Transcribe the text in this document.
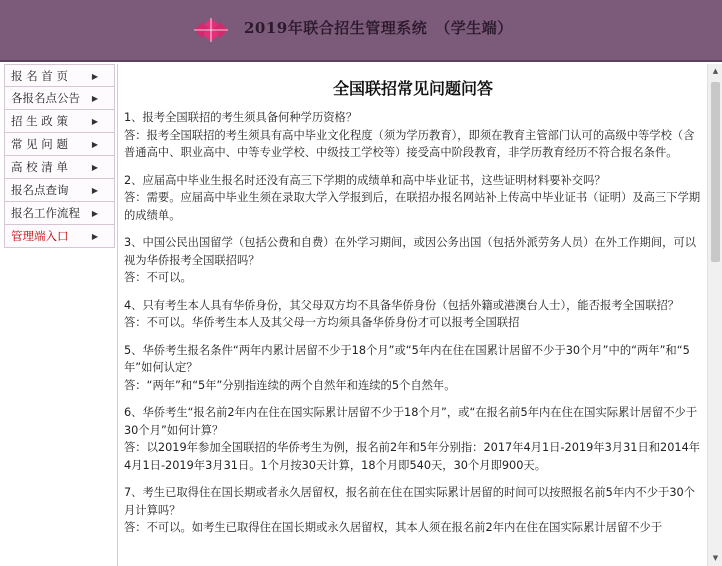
2019年联合招生管理系统　（学生端）
报 名 首 页	▶
各报名点公告 ▶
招 生 政 策	▶
常 见 问 题	▶
高 校 清 单	▶
报名点查询	▶
报名工作流程 ▶
管理端入口	▶
全国联招常见问题问答

1、报考全国联招的考生须具备何种学历资格？

答：报考全国联招的考生须具有高中毕业文化程度（须为学历教育），即须在教育主管部门认可的高级中等学校（含普通高中、职业高中、中等专业学校、中级技工学校等）接受高中阶段教育，非学历教育经历不符合报名条件。

2、应届高中毕业生报名时还没有高三下学期的成绩单和高中毕业证书，这些证明材料要补交吗？

答：需要。应届高中毕业生须在录取大学入学报到后，在联招办报名网站补上传高中毕业证书（证明）及高三下学期的成绩单。

3、中国公民出国留学（包括公费和自费）在外学习期间，或因公务出国（包括外派劳务人员）在外工作期间，可以视为华侨报考全国联招吗？

答：不可以。

4、只有考生本人具有华侨身份，其父母双方均不具备华侨身份（包括外籍或港澳台人士），能否报考全国联招？

答：不可以。华侨考生本人及其父母一方均须具备华侨身份才可以报考全国联招

5、华侨考生报名条件“两年内累计居留不少于18个月”或“5年内在住在国累计居留不少于30个月”中的“两年”和“5年”如何认定？

答：“两年”和“5年”分别指连续的两个自然年和连续的5个自然年。

6、华侨考生“报名前2年内在住在国实际累计居留不少于18个月”，或“在报名前5年内在住在国实际累计居留不少于30个月”如何计算？

答：以2019年参加全国联招的华侨考生为例，报名前2年和5年分别指：2017年4月1日-2019年3月31日和2014年4月1日-2019年3月31日。1个月按30天计算，18个月即540天，30个月即900天。

7、考生已取得住在国长期或者永久居留权，报名前在住在国实际累计居留的时间可以按照报名前5年内不少于30个月计算吗？

答：不可以。如考生已取得住在国长期或永久居留权，其本人须在报名前2年内在住在国实际累计居留不少于

▲
▼
